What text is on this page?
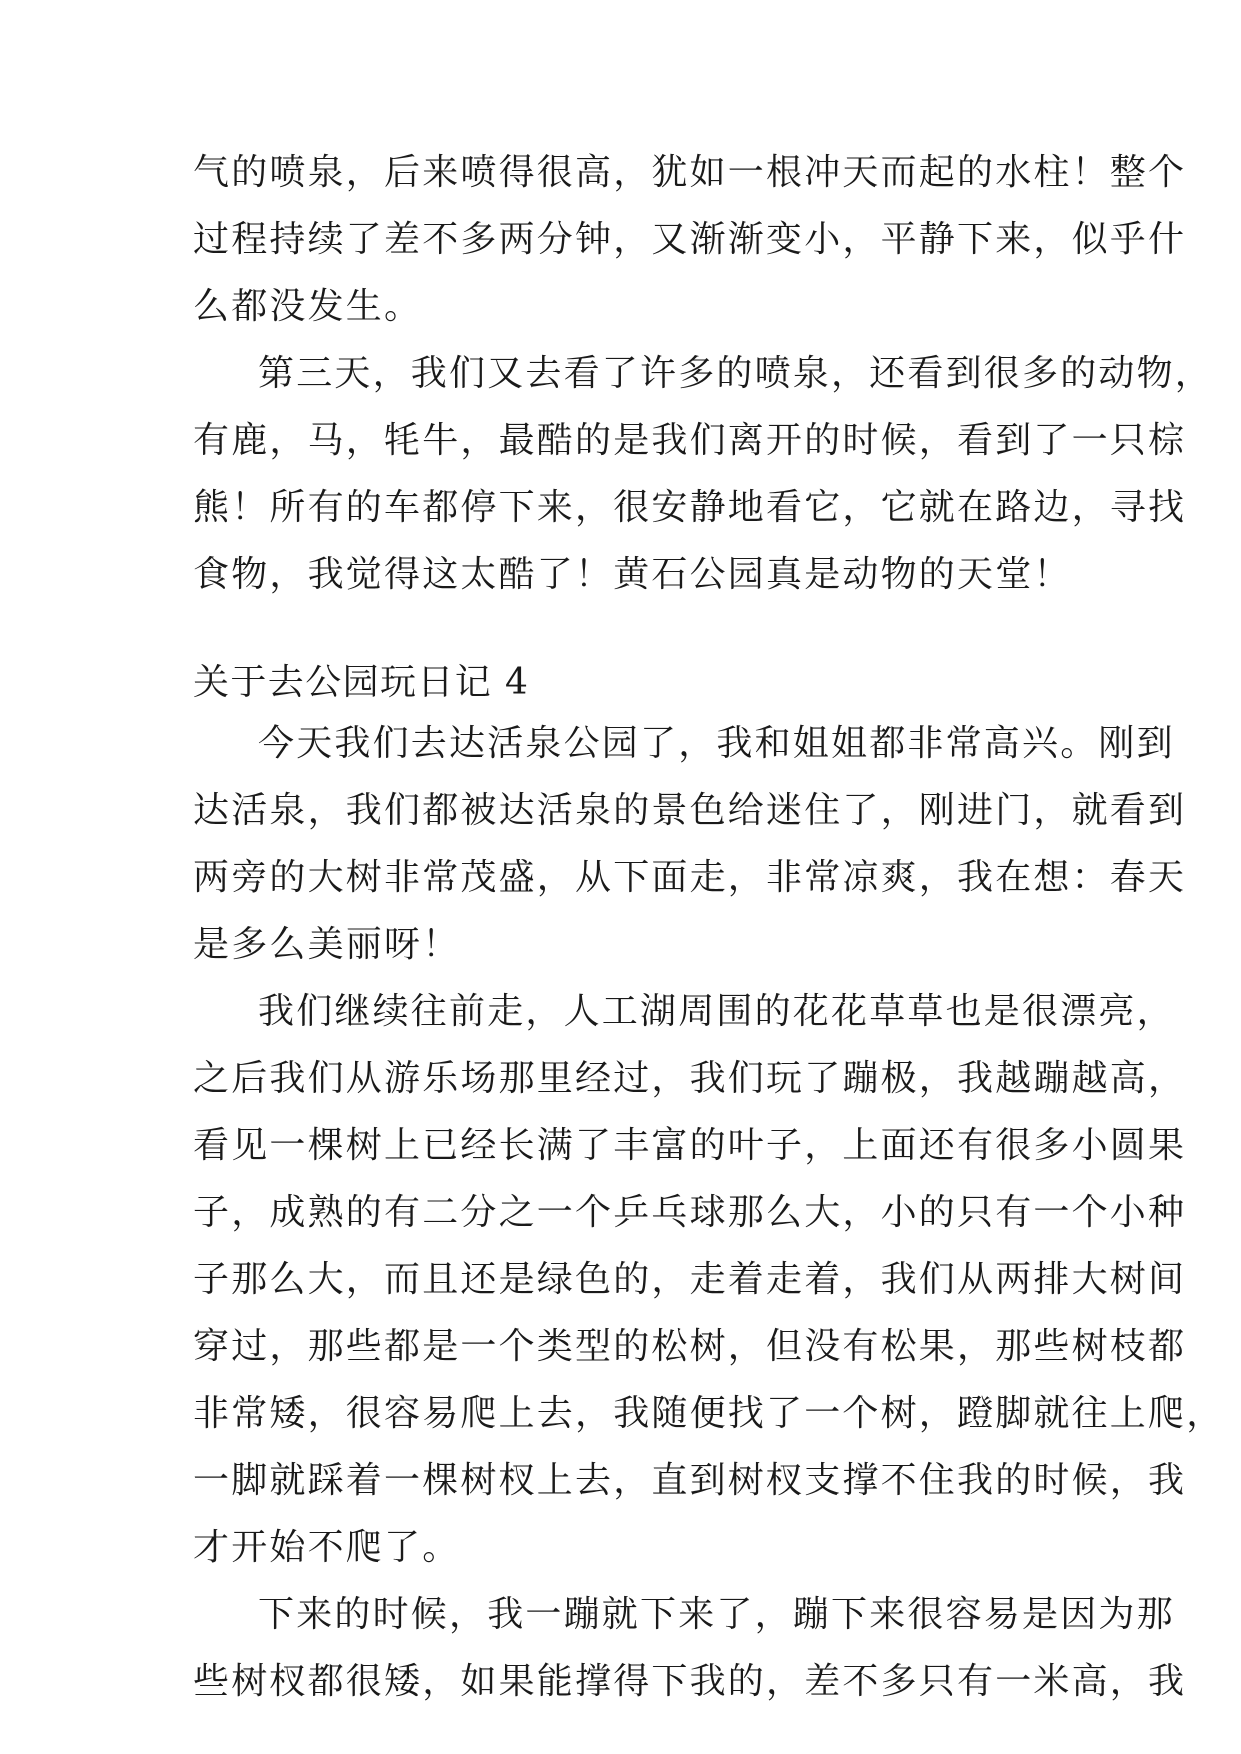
气的喷泉，后来喷得很高，犹如一根冲天而起的水柱！整个

过程持续了差不多两分钟，又渐渐变小，平静下来，似乎什

么都没发生。

第三天，我们又去看了许多的喷泉，还看到很多的动物，

有鹿，马，牦牛，最酷的是我们离开的时候，看到了一只棕

熊！所有的车都停下来，很安静地看它，它就在路边，寻找

食物，我觉得这太酷了！黄石公园真是动物的天堂！

关于去公园玩日记 4

今天我们去达活泉公园了，我和姐姐都非常高兴。刚到

达活泉，我们都被达活泉的景色给迷住了，刚进门，就看到

两旁的大树非常茂盛，从下面走，非常凉爽，我在想：春天

是多么美丽呀！

我们继续往前走，人工湖周围的花花草草也是很漂亮，

之后我们从游乐场那里经过，我们玩了蹦极，我越蹦越高，

看见一棵树上已经长满了丰富的叶子，上面还有很多小圆果

子，成熟的有二分之一个乒乓球那么大，小的只有一个小种

子那么大，而且还是绿色的，走着走着，我们从两排大树间

穿过，那些都是一个类型的松树，但没有松果，那些树枝都

非常矮，很容易爬上去，我随便找了一个树，蹬脚就往上爬，

一脚就踩着一棵树杈上去，直到树杈支撑不住我的时候，我

才开始不爬了。

下来的时候，我一蹦就下来了，蹦下来很容易是因为那

些树杈都很矮，如果能撑得下我的，差不多只有一米高，我
